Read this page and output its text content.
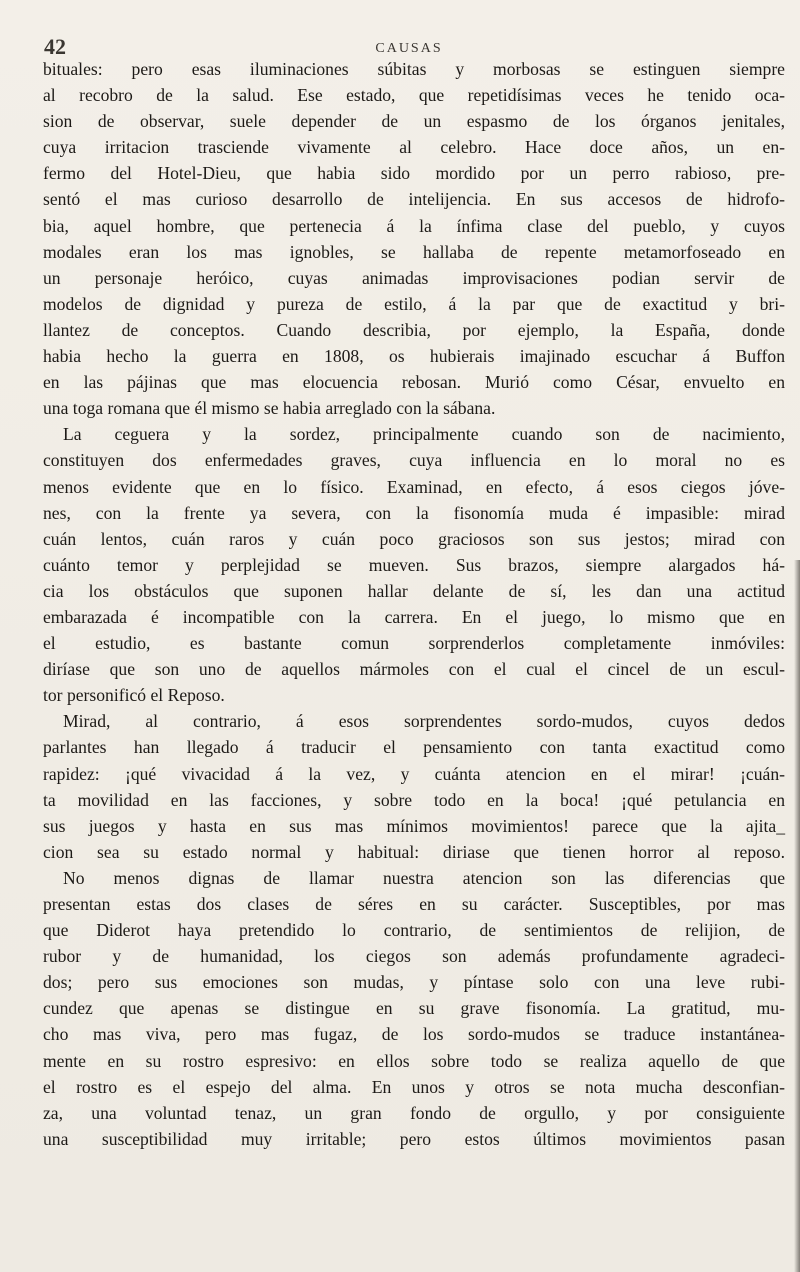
42	CAUSAS
bituales: pero esas iluminaciones súbitas y morbosas se estinguen siempre
al recobro de la salud. Ese estado, que repetidísimas veces he tenido oca-
sion de observar, suele depender de un espasmo de los órganos jenitales,
cuya irritacion trasciende vivamente al celebro. Hace doce años, un en-
fermo del Hotel-Dieu, que habia sido mordido por un perro rabioso, pre-
sentó el mas curioso desarrollo de intelijencia. En sus accesos de hidrofo-
bia, aquel hombre, que pertenecia á la ínfima clase del pueblo, y cuyos
modales eran los mas ignobles, se hallaba de repente metamorfoseado en
un personaje heróico, cuyas animadas improvisaciones podian servir de
modelos de dignidad y pureza de estilo, á la par que de exactitud y bri-
llantez de conceptos. Cuando describia, por ejemplo, la España, donde
habia hecho la guerra en 1808, os hubierais imajinado escuchar á Buffon
en las pájinas que mas elocuencia rebosan. Murió como César, envuelto en
una toga romana que él mismo se habia arreglado con la sábana.
La ceguera y la sordez, principalmente cuando son de nacimiento,
constituyen dos enfermedades graves, cuya influencia en lo moral no es
menos evidente que en lo físico. Examinad, en efecto, á esos ciegos jóve-
nes, con la frente ya severa, con la fisonomía muda é impasible: mirad
cuán lentos, cuán raros y cuán poco graciosos son sus jestos; mirad con
cuánto temor y perplejidad se mueven. Sus brazos, siempre alargados há-
cia los obstáculos que suponen hallar delante de sí, les dan una actitud
embarazada é incompatible con la carrera. En el juego, lo mismo que en
el estudio, es bastante comun sorprenderlos completamente inmóviles:
diríase que son uno de aquellos mármoles con el cual el cincel de un escul-
tor personificó el Reposo.
Mirad, al contrario, á esos sorprendentes sordo-mudos, cuyos dedos
parlantes han llegado á traducir el pensamiento con tanta exactitud como
rapidez: ¡qué vivacidad á la vez, y cuánta atencion en el mirar! ¡cuán-
ta movilidad en las facciones, y sobre todo en la boca! ¡qué petulancia en
sus juegos y hasta en sus mas mínimos movimientos! parece que la ajita_
cion sea su estado normal y habitual: diriase que tienen horror al reposo.
No menos dignas de llamar nuestra atencion son las diferencias que
presentan estas dos clases de séres en su carácter. Susceptibles, por mas
que Diderot haya pretendido lo contrario, de sentimientos de relijion, de
rubor y de humanidad, los ciegos son además profundamente agradeci-
dos; pero sus emociones son mudas, y píntase solo con una leve rubi-
cundez que apenas se distingue en su grave fisonomía. La gratitud, mu-
cho mas viva, pero mas fugaz, de los sordo-mudos se traduce instantánea-
mente en su rostro espresivo: en ellos sobre todo se realiza aquello de que
el rostro es el espejo del alma. En unos y otros se nota mucha desconfian-
za, una voluntad tenaz, un gran fondo de orgullo, y por consiguiente
una susceptibilidad muy irritable; pero estos últimos movimientos pasan
